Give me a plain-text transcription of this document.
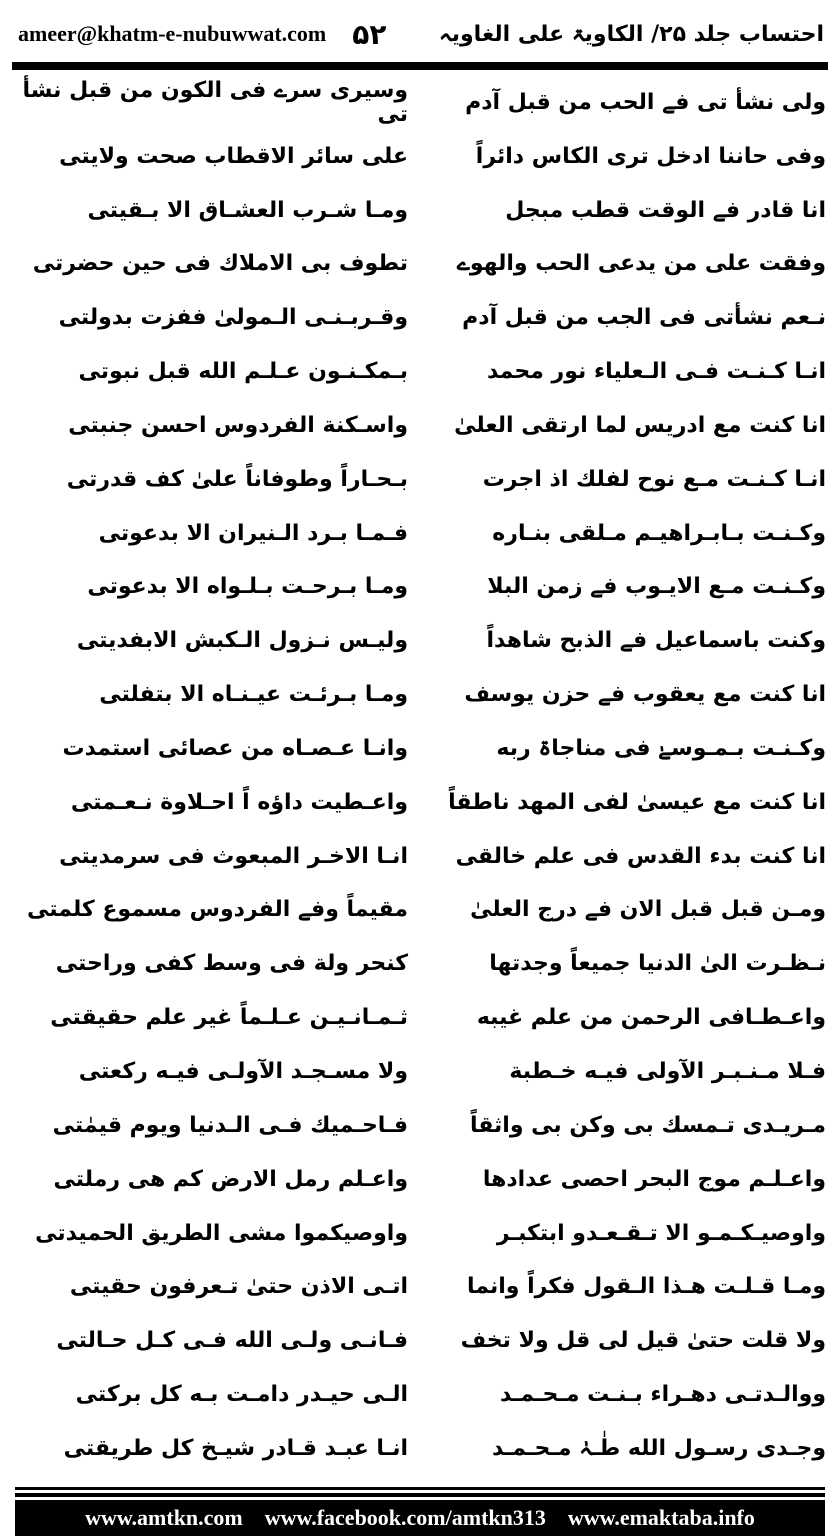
ameer@khatm-e-nubuwwat.com ۵۲ احتساب جلد ۲۵/ الکاویۃ علی الغاویہ
ولی نشأ تی فے الحب من قبل آدم
وسیری سرے فی الکون من قبل نشأ تی
وفی حاننا ادخل تری الکاس دائراً
علی سائر الاقطاب صحت ولایتی
انا قادر فے الوقت قطب مبجل
ومـا شـرب العشـاق الا بـقیتی
وفقت علی من یدعی الحب والھوے
تطوف بی الاملاك فی حین حضرتی
نـعم نشأتی فی الجب من قبل آدم
وقـربـنـی الـمولیٰ ففزت بدولتی
انـا کـنـت فـی الـعلیاء نور محمد
بـمکـنـون عـلـم الله قبل نبوتی
انا کنت مع ادریس لما ارتقی العلیٰ
واسـکنة الفردوس احسن جنبتی
انـا کـنـت مـع نوح لفلك اذ اجرت
بـحـاراً وطوفاناً علیٰ کف قدرتی
وکـنـت بـابـراھیـم مـلقی بنـاره
فـمـا بـرد الـنیران الا بدعوتی
وکـنـت مـع الایـوب فے زمن البلا
ومـا بـرحـت بـلـواه الا بدعوتی
وکنت باسماعیل فے الذبح شاھداً
ولیـس نـزول الـکبش الابفدیتی
انا کنت مع یعقوب فے حزن یوسف
ومـا بـرئـت عیـنـاه الا بتفلتی
وکـنـت بـمـوسےٰ فی مناجاۃ ربه
وانـا عـصـاه من عصائی استمدت
انا کنت مع عیسیٰ لفی المهد ناطقاً
واعـطیت داؤه اً احـلاوة نـعـمتی
انا کنت بدء القدس فی علم خالقی
انـا الاخـر المبعوث فی سرمدیتی
ومـن قبل قبل الان فے درج العلیٰ
مقیماً وفے الفردوس مسموع کلمتی
نـظـرت الیٰ الدنیا جمیعاً وجدتھا
کنحر ولة فی وسط کفی وراحتی
واعـطـافی الرحمن من علم غیبه
ثـمـانـیـن عـلـماً غیر علم حقیقتی
فـلا مـنـبـر الآولی فیـه خـطبة
ولا مسـجـد الآولـی فیـه رکعتی
مـریـدی تـمسك بی وکن بی واثقاً
فـاحـمیك فـی الـدنیا ویوم قیمٰتی
واعـلـم موج البحر احصی عدادھا
واعـلم رمل الارض کم ھی رملتی
واوصیـکـمـو الا تـقـعـدو ابتکبـر
واوصیکموا مشی الطریق الحمیدتی
ومـا قـلـت ھـذا الـقول فکراً وانما
اتـی الاذن حتیٰ تـعرفون حقیتی
ولا قلت حتیٰ قیل لی قل ولا تخف
فـانـی ولـی الله فـی کـل حـالتی
ووالـدتـی دھـراء بـنـت مـحـمـد
الـی حیـدر دامـت بـه کل برکتی
وجـدی رسـول الله طٰـہٰ مـحـمـد
انـا عبـد قـادر شیـخ کل طریقتی
www.amtkn.com www.facebook.com/amtkn313 www.emaktaba.info
